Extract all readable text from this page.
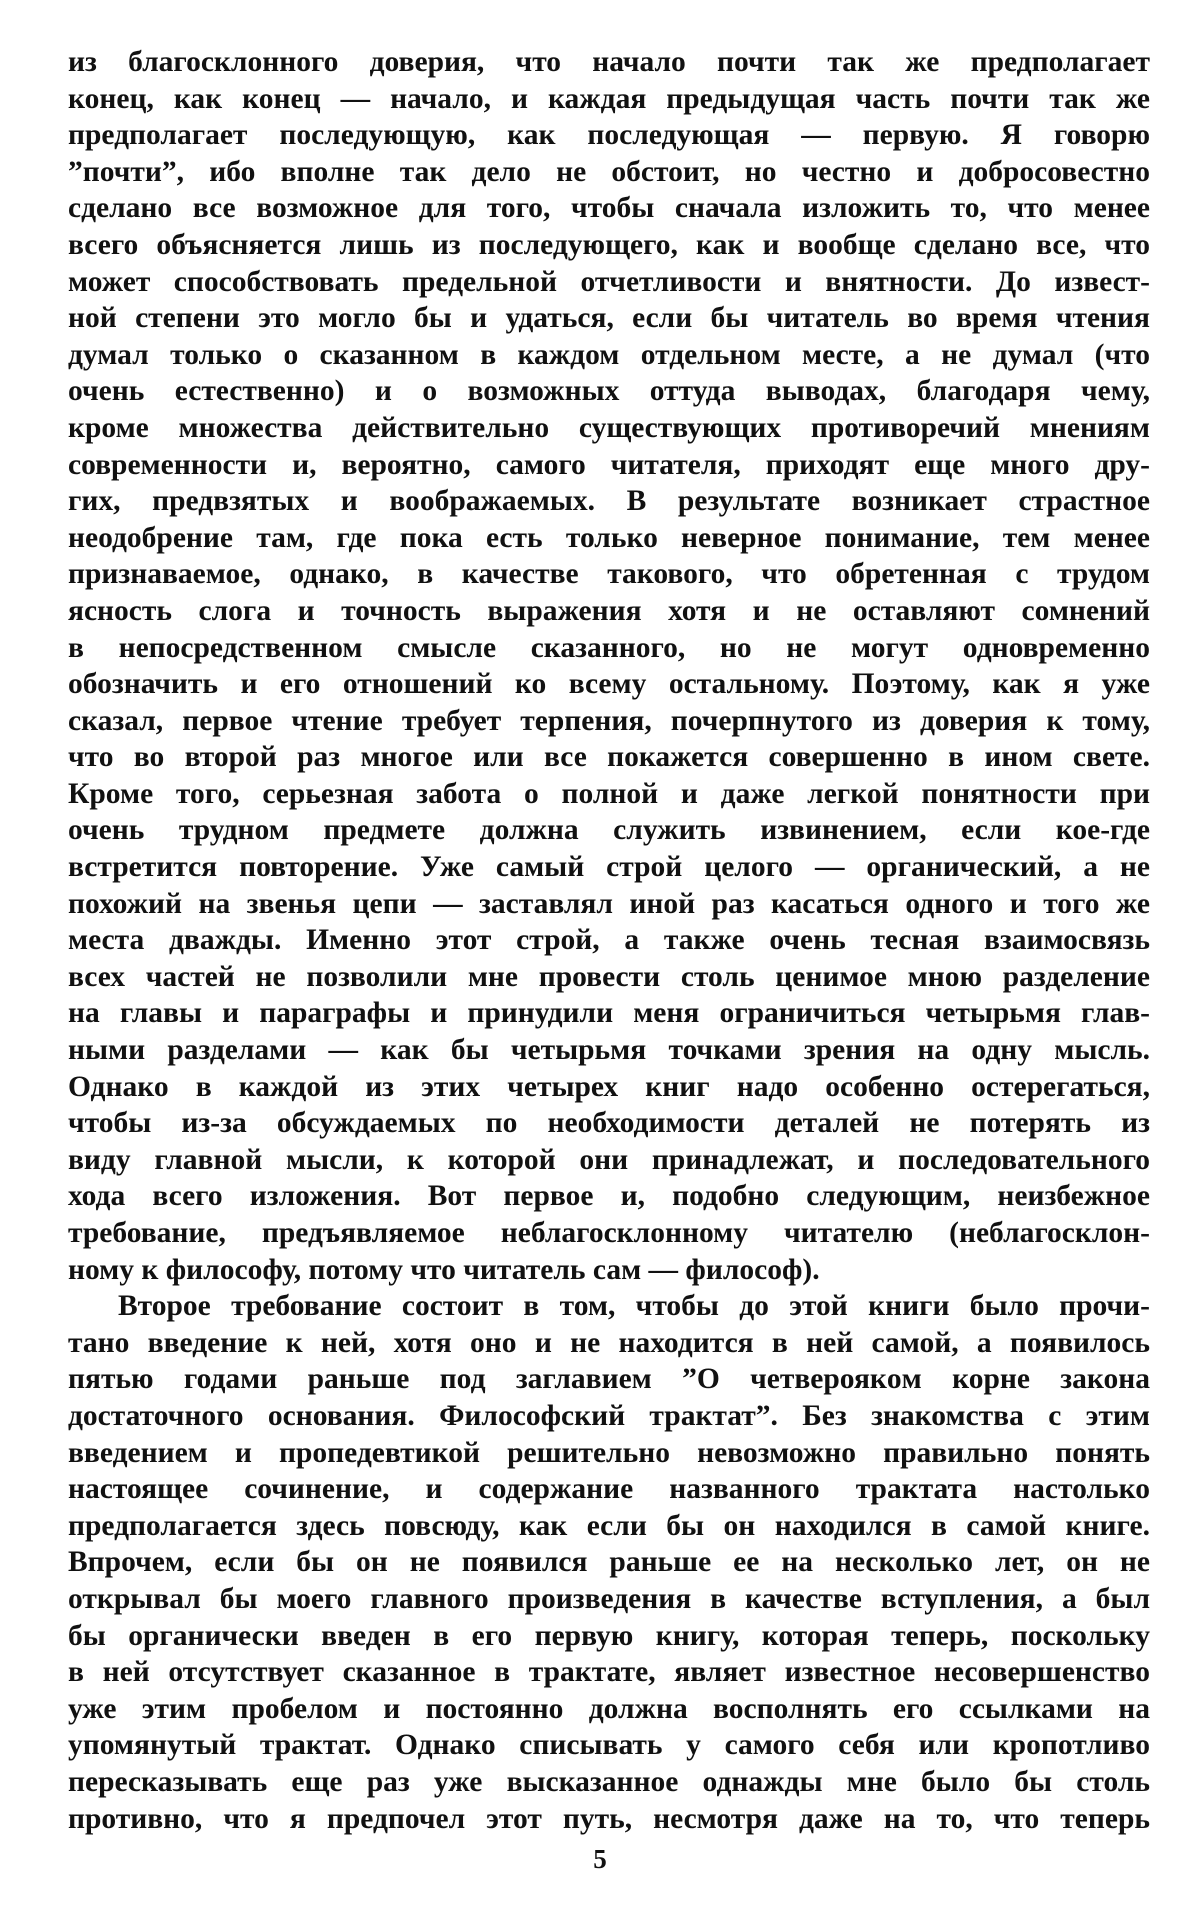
из благосклонного доверия, что начало почти так же предполагает
конец, как конец — начало, и каждая предыдущая часть почти так же
предполагает последующую, как последующая — первую. Я говорю
”почти”, ибо вполне так дело не обстоит, но честно и добросовестно
сделано все возможное для того, чтобы сначала изложить то, что менее
всего объясняется лишь из последующего, как и вообще сделано все, что
может способствовать предельной отчетливости и внятности. До извест-
ной степени это могло бы и удаться, если бы читатель во время чтения
думал только о сказанном в каждом отдельном месте, а не думал (что
очень естественно) и о возможных оттуда выводах, благодаря чему,
кроме множества действительно существующих противоречий мнениям
современности и, вероятно, самого читателя, приходят еще много дру-
гих, предвзятых и воображаемых. В результате возникает страстное
неодобрение там, где пока есть только неверное понимание, тем менее
признаваемое, однако, в качестве такового, что обретенная с трудом
ясность слога и точность выражения хотя и не оставляют сомнений
в непосредственном смысле сказанного, но не могут одновременно
обозначить и его отношений ко всему остальному. Поэтому, как я уже
сказал, первое чтение требует терпения, почерпнутого из доверия к тому,
что во второй раз многое или все покажется совершенно в ином свете.
Кроме того, серьезная забота о полной и даже легкой понятности при
очень трудном предмете должна служить извинением, если кое-где
встретится повторение. Уже самый строй целого — органический, а не
похожий на звенья цепи — заставлял иной раз касаться одного и того же
места дважды. Именно этот строй, а также очень тесная взаимосвязь
всех частей не позволили мне провести столь ценимое мною разделение
на главы и параграфы и принудили меня ограничиться четырьмя глав-
ными разделами — как бы четырьмя точками зрения на одну мысль.
Однако в каждой из этих четырех книг надо особенно остерегаться,
чтобы из-за обсуждаемых по необходимости деталей не потерять из
виду главной мысли, к которой они принадлежат, и последовательного
хода всего изложения. Вот первое и, подобно следующим, неизбежное
требование, предъявляемое неблагосклонному читателю (неблагосклон-
ному к философу, потому что читатель сам — философ).
Второе требование состоит в том, чтобы до этой книги было прочи-
тано введение к ней, хотя оно и не находится в ней самой, а появилось
пятью годами раньше под заглавием ”О четвероякoм корне закона
достаточного основания. Философский трактат”. Без знакомства с этим
введением и пропедевтикой решительно невозможно правильно понять
настоящее сочинение, и содержание названного трактата настолько
предполагается здесь повсюду, как если бы он находился в самой книге.
Впрочем, если бы он не появился раньше ее на несколько лет, он не
открывал бы моего главного произведения в качестве вступления, а был
бы органически введен в его первую книгу, которая теперь, поскольку
в ней отсутствует сказанное в трактате, являет известное несовершенство
уже этим пробелом и постоянно должна восполнять его ссылками на
упомянутый трактат. Однако списывать у самого себя или кропотливо
пересказывать еще раз уже высказанное однажды мне было бы столь
противно, что я предпочел этот путь, несмотря даже на то, что теперь
5
